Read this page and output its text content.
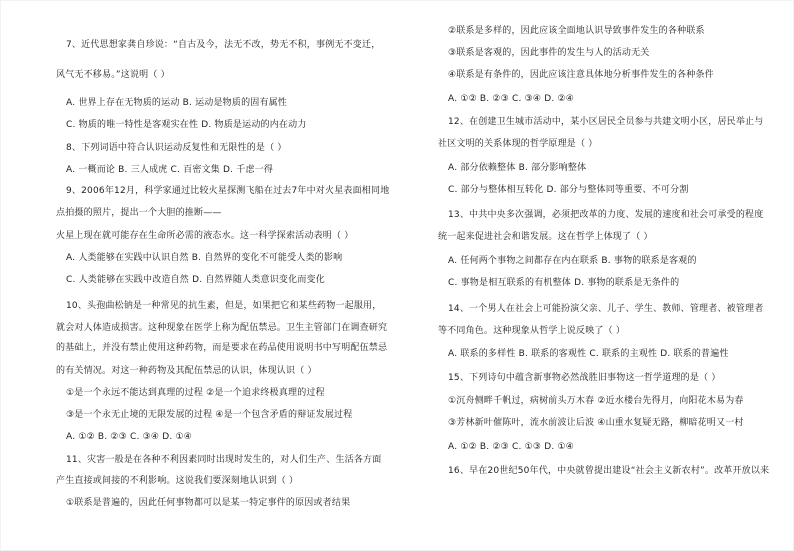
7、近代思想家龚自珍说：“自古及今，法无不改，势无不积，事例无不变迁，
风气无不移易。”这说明（ ）
A. 世界上存在无物质的运动 B. 运动是物质的固有属性
C. 物质的唯一特性是客观实在性 D. 物质是运动的内在动力
8、下列词语中符合认识运动反复性和无限性的是（ ）
A. 一概而论 B. 三人成虎 C. 百密文集 D. 千虑一得
9、2006年12月，科学家通过比较火星探测飞船在过去7年中对火星表面相同地
点拍摄的照片，提出一个大胆的推断——
火星上现在就可能存在生命所必需的液态水。这一科学探索活动表明（ ）
A. 人类能够在实践中认识自然 B. 自然界的变化不可能受人类的影响
C. 人类能够在实践中改造自然 D. 自然界随人类意识变化而变化
10、头孢曲松钠是一种常见的抗生素，但是，如果把它和某些药物一起服用，
就会对人体造成损害。这种现象在医学上称为配伍禁忌。卫生主管部门在调查研究
的基础上，并没有禁止使用这种药物，而是要求在药品使用说明书中写明配伍禁忌
的有关情况。对这一种药物及其配伍禁忌的认识，体现认识（ ）
①是一个永远不能达到真理的过程 ②是一个追求终极真理的过程
③是一个永无止境的无限发展的过程 ④是一个包含矛盾的辩证发展过程
A. ①② B. ②③ C. ③④ D. ①④
11、灾害一般是在各种不利因素同时出现时发生的，对人们生产、生活各方面
产生直接或间接的不利影响。这说我们要深刻地认识到（ ）
①联系是普遍的，因此任何事物都可以是某一特定事件的原因或者结果
②联系是多样的，因此应该全面地认识导致事件发生的各种联系
③联系是客观的，因此事件的发生与人的活动无关
④联系是有条件的，因此应该注意具体地分析事件发生的各种条件
A. ①② B. ②③ C. ③④ D. ②④
12、在创建卫生城市活动中，某小区居民全员参与共建文明小区，居民举止与
社区文明的关系体现的哲学原理是（ ）
A. 部分依赖整体 B. 部分影响整体
C. 部分与整体相互转化 D. 部分与整体同等重要、不可分割
13、中共中央多次强调，必须把改革的力度、发展的速度和社会可承受的程度
统一起来促进社会和谐发展。这在哲学上体现了（ ）
A. 任何两个事物之间都存在内在联系 B. 事物的联系是客观的
C. 事物是相互联系的有机整体 D. 事物的联系是无条件的
14、一个男人在社会上可能扮演父亲、儿子、学生、教师、管理者、被管理者
等不同角色。这种现象从哲学上说反映了（ ）
A. 联系的多样性 B. 联系的客观性 C. 联系的主观性 D. 联系的普遍性
15、下列诗句中蕴含新事物必然战胜旧事物这一哲学道理的是（ ）
①沉舟侧畔千帆过，病树前头万木春 ②近水楼台先得月，向阳花木易为春
③芳林新叶催陈叶，流水前波让后波 ④山重水复疑无路，柳暗花明又一村
A. ①② B. ②③ C. ①③ D. ①④
16、早在20世纪50年代，中央就曾提出建设“社会主义新农村”。改革开放以来
